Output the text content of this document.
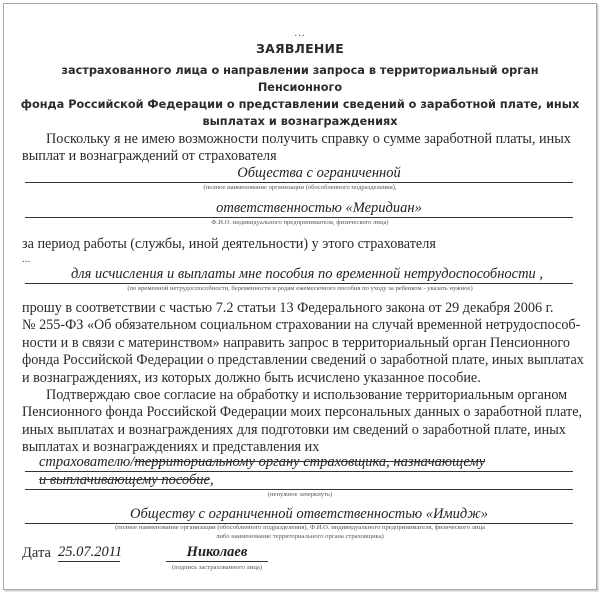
...
ЗАЯВЛЕНИЕ
застрахованного лица о направлении запроса в территориальный орган Пенсионного
фонда Российской Федерации о представлении сведений о заработной плате, иных
выплатах и вознаграждениях
Поскольку я не имею возможности получить справку о сумме заработной платы, иных
выплат и вознаграждений от страхователя
Общества с ограниченной
(полное наименование организации (обособленного подразделения),
ответственностью «Меридиан»
Ф.И.О. индивидуального предпринимателя, физического лица)
за период работы (службы, иной деятельности) у этого страхователя
...
для исчисления и выплаты мне пособия по временной нетрудоспособности ,
(по временной нетрудоспособности, беременности и родам ежемесячного пособия по уходу за ребенком - указать нужное)
прошу в соответствии с частью 7.2 статьи 13 Федерального закона от 29 декабря 2006 г.
№ 255-ФЗ «Об обязательном социальном страховании на случай временной нетрудоспособ-
ности и в связи с материнством» направить запрос в территориальный орган Пенсионного
фонда Российской Федерации о представлении сведений о заработной плате, иных выплатах
и вознаграждениях, из которых должно быть исчислено указанное пособие.
Подтверждаю свое согласие на обработку и использование территориальным органом
Пенсионного фонда Российской Федерации моих персональных данных о заработной плате,
иных выплатах и вознаграждениях для подготовки им сведений о заработной плате, иных
выплатах и вознаграждениях и представления их
страхователю/территориальному органу страховщика, назначающему
и выплачивающему пособие,
(ненужное зачеркнуть)
Обществу с ограниченной ответственностью «Имидж»
(полное наименование организации (обособленного подразделения), Ф.И.О. индивидуального предпринимателя, физического лица
либо наименование территориального органа страховщика)
Дата 25.07.2011	Николаев
(подпись застрахованного лица)
